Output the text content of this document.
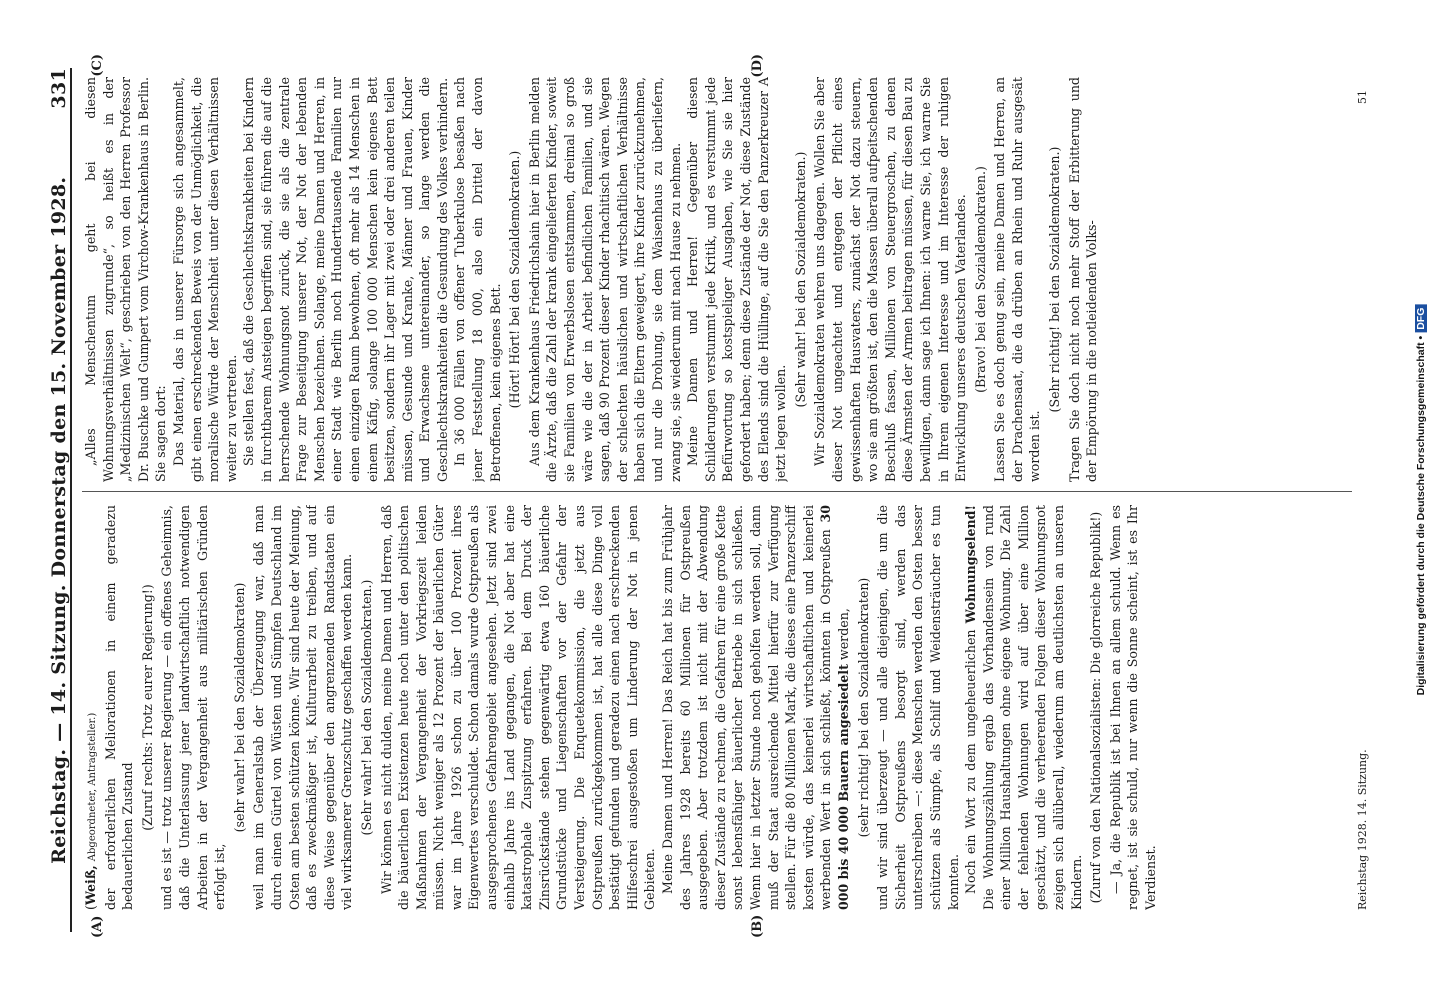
Reichstag. — 14. Sitzung. Donnerstag den 15. November 1928.
331
(A)	(B)
(C)	(D)

(Weiß, Abgeordneter, Antragsteller.) der erforderlichen Meliorationen in einem geradezu bedauerlichen Zustand

(Zuruf rechts: Trotz eurer Regierung!) und es ist — trotz unserer Regierung — ein offenes Geheimnis, daß die Unterlassung jener landwirtschaftlich notwendigen Arbeiten in der Vergangenheit aus militärischen Gründen erfolgt ist,

(sehr wahr! bei den Sozialdemokraten) weil man im Generalstab der Überzeugung war, daß man durch einen Gürtel von Wüsten und Sümpfen Deutschland im Osten am besten schützen könne. Wir sind heute der Meinung, daß es zweckmäßiger ist, Kulturarbeit zu treiben, und auf diese Weise gegenüber den angrenzenden Randstaaten ein viel wirksamerer Grenzschutz geschaffen werden kann. (Sehr wahr! bei den Sozialdemokraten.) Wir können es nicht dulden, meine Damen und Herren, daß die bäuerlichen Existenzen heute noch unter den politischen Maßnahmen der Vergangenheit der Vorkriegszeit leiden müssen. Nicht weniger als 12 Prozent der bäuerlichen Güter war im Jahre 1926 schon zu über 100 Prozent ihres Eigenwertes verschuldet. Schon damals wurde Ostpreußen als ausgesprochenes Gefahrengebiet angesehen. Jetzt sind zwei einhalb Jahre ins Land gegangen, die Not aber hat eine katastrophale Zuspitzung erfahren. Bei dem Druck der Zinsrückstände stehen gegenwärtig etwa 160 bäuerliche Grundstücke und Liegenschaften vor der Gefahr der Versteigerung. Die Enquetekommission, die jetzt aus Ostpreußen zurückgekommen ist, hat alle diese Dinge voll bestätigt gefunden und geradezu einen nach erschreckenden Hilfeschrei ausgestoßen um Linderung der Not in jenen Gebieten. Meine Damen und Herren! Das Reich hat bis zum Frühjahr des Jahres 1928 bereits 60 Millionen für Ostpreußen ausgegeben. Aber trotzdem ist nicht mit der Abwendung dieser Zustände zu rechnen, die Gefahren für eine große Kette sonst lebensfähiger bäuerlicher Betriebe in sich schließen. Wenn hier in letzter Stunde noch geholfen werden soll, dann muß der Staat ausreichende Mittel hierfür zur Verfügung stellen. Für die 80 Millionen Mark, die dieses eine Panzerschiff kosten würde, das keinerlei wirtschaftlichen und keinerlei werbenden Wert in sich schließt, könnten in Ostpreußen 30 000 bis 40 000 Bauern angesiedelt werden, (sehr richtig! bei den Sozialdemokraten) und wir sind überzeugt — und alle diejenigen, die um die Sicherheit Ostpreußens besorgt sind, werden das unterschreiben —: diese Menschen werden den Osten besser schützen als Sümpfe, als Schilf und Weidensträucher es tun konnten. Noch ein Wort zu dem ungeheuerlichen Wohnungselend! Die Wohnungszählung ergab das Vorhandensein von rund einer Million Haushaltungen ohne eigene Wohnung. Die Zahl der fehlenden Wohnungen wird auf über eine Million geschätzt, und die verheerenden Folgen dieser Wohnungsnot zeigen sich allüberall, wiederum am deutlichsten an unseren Kindern. (Zuruf von den Nationalsozialisten: Die glorreiche Republik!) — Ja, die Republik ist bei Ihnen an allem schuld. Wenn es regnet, ist sie schuld, nur wenn die Sonne scheint, ist es Ihr Verdienst.

„Alles Menschentum geht bei diesen Wohnungsverhältnissen zugrunde“, so heißt es in der „Medizinischen Welt“, geschrieben von den Herren Professor Dr. Buschke und Gumpert vom Virchow-Krankenhaus in Berlin. Sie sagen dort: Das Material, das in unserer Fürsorge sich angesammelt, gibt einen erschreckenden Beweis von der Unmöglichkeit, die moralische Würde der Menschheit unter diesen Verhältnissen weiter zu vertreten. Sie stellen fest, daß die Geschlechtskrankheiten bei Kindern in furchtbarem Ansteigen begriffen sind, sie führen die auf die herrschende Wohnungsnot zurück, die sie als die zentrale Frage zur Beseitigung unserer Not, der Not der lebenden Menschen bezeichnen. Solange, meine Damen und Herren, in einer Stadt wie Berlin noch Hunderttausende Familien nur einen einzigen Raum bewohnen, oft mehr als 14 Menschen in einem Käfig, solange 100 000 Menschen kein eigenes Bett besitzen, sondern ihr Lager mit zwei oder drei anderen teilen müssen, Gesunde und Kranke, Männer und Frauen, Kinder und Erwachsene untereinander, so lange werden die Geschlechtskrankheiten die Gesundung des Volkes verhindern. In 36 000 Fällen von offener Tuberkulose besaßen nach jener Feststellung 18 000, also ein Drittel der davon Betroffenen, kein eigenes Bett. (Hört! Hört! bei den Sozialdemokraten.) Aus dem Krankenhaus Friedrichshain hier in Berlin melden die Ärzte, daß die Zahl der krank eingelieferten Kinder, soweit sie Familien von Erwerbslosen entstammen, dreimal so groß wäre wie die der in Arbeit befindlichen Familien, und sie sagen, daß 90 Prozent dieser Kinder rhachitisch wären. Wegen der schlechten häuslichen und wirtschaftlichen Verhältnisse haben sich die Eltern geweigert, ihre Kinder zurückzunehmen, und nur die Drohung, sie dem Waisenhaus zu überliefern, zwang sie, sie wiederum mit nach Hause zu nehmen. Meine Damen und Herren! Gegenüber diesen Schilderungen verstummt jede Kritik, und es verstummt jede Befürwortung so kostspieliger Ausgaben, wie Sie sie hier gefordert haben; denn diese Zustände der Not, diese Zustände des Elends sind die Hüllinge, auf die Sie den Panzerkreuzer A jetzt legen wollen.

(Sehr wahr! bei den Sozialdemokraten.) Wir Sozialdemokraten wehren uns dagegen. Wollen Sie aber dieser Not ungeachtet und entgegen der Pflicht eines gewissenhaften Hausvaters, zunächst der Not dazu steuern, wo sie am größten ist, den die Massen überall aufpeitschenden Beschluß fassen, Millionen von Steuergroschen, zu denen diese Ärmsten der Armen beitragen müssen, für diesen Bau zu bewilligen, dann sage ich Ihnen: ich warne Sie, ich warne Sie in Ihrem eigenen Interesse und im Interesse der ruhigen Entwicklung unseres deutschen Vaterlandes. (Bravo! bei den Sozialdemokraten.) Lassen Sie es doch genug sein, meine Damen und Herren, an der Drachensaat, die da drüben an Rhein und Ruhr ausgesät worden ist.

(Sehr richtig! bei den Sozialdemokraten.) Tragen Sie doch nicht noch mehr Stoff der Erbitterung und der Empörung in die notleidenden Volks-

Reichstag 1928. 14. Sitzung.
51
Digitalisierung gefördert durch die Deutsche Forschungsgemeinschaft •DFG
